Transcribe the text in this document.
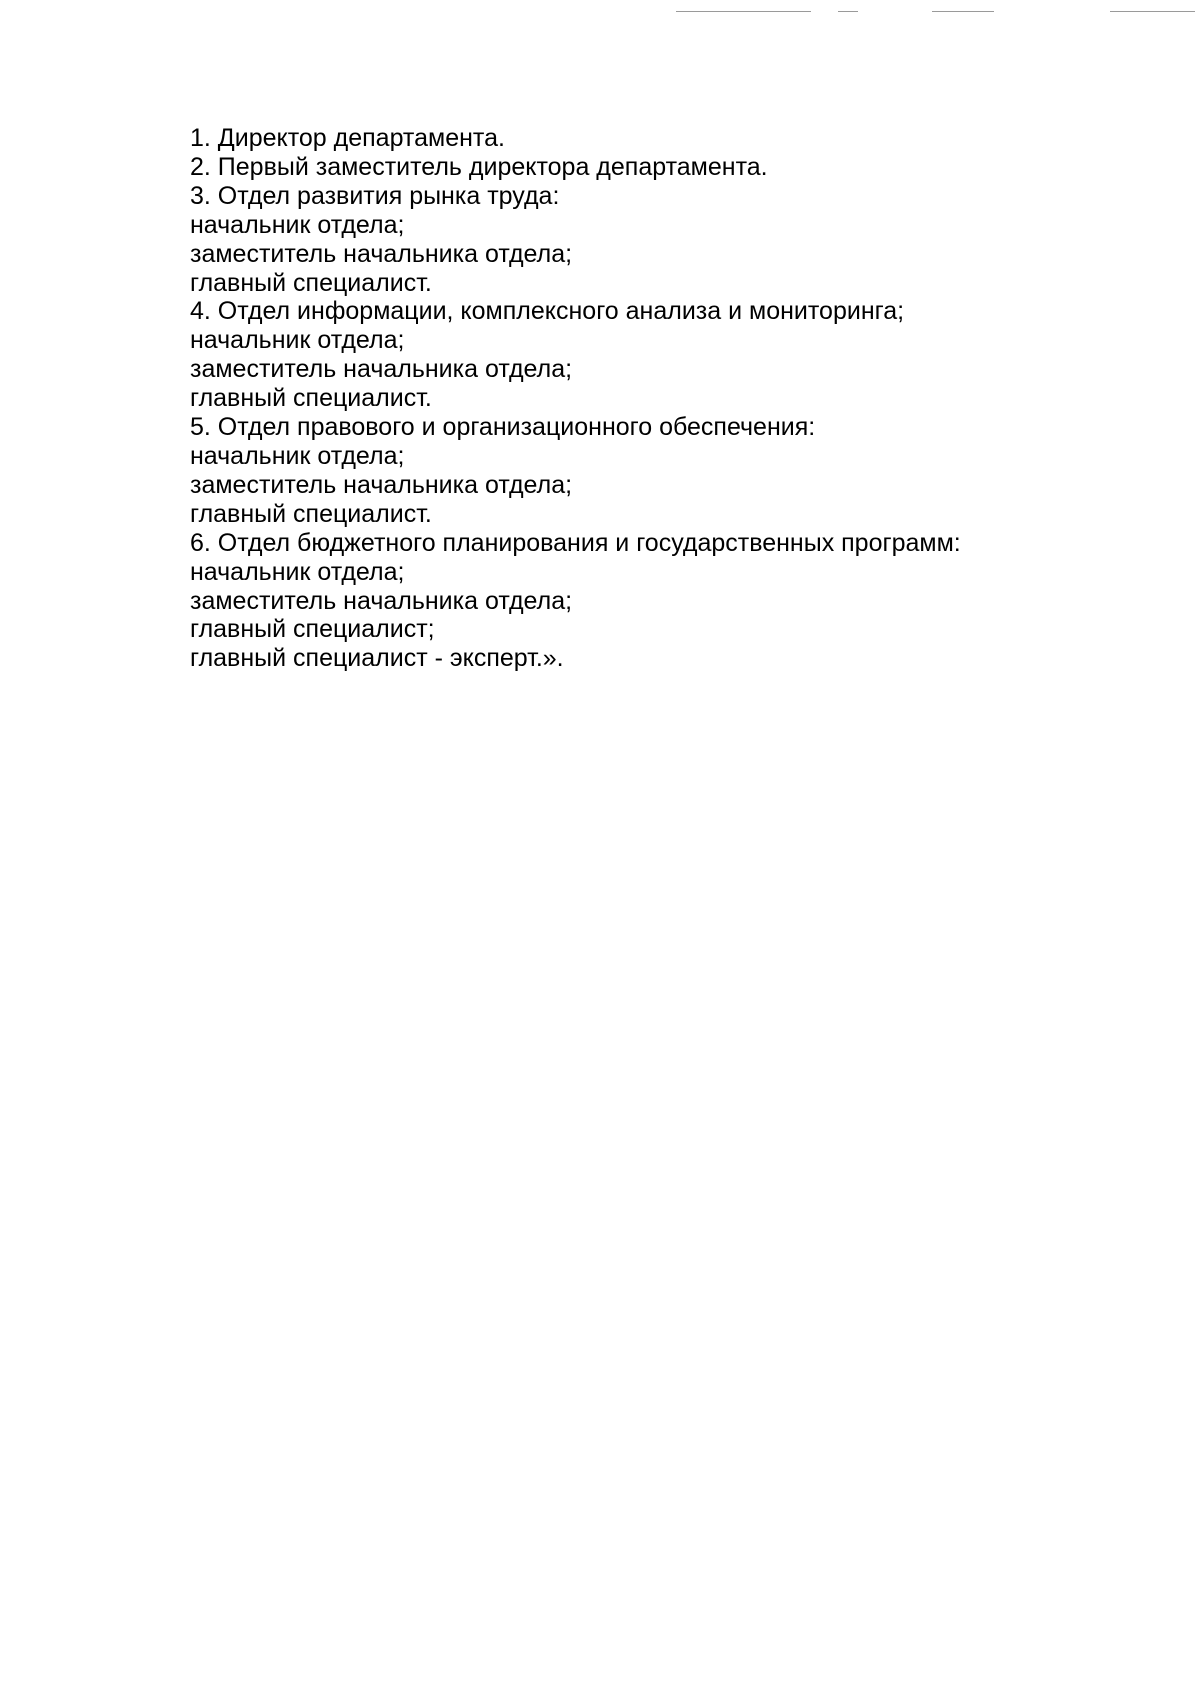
1. Директор департамента.

2. Первый заместитель директора департамента.

3. Отдел развития рынка труда:

начальник отдела;

заместитель начальника отдела;

главный специалист.

4. Отдел информации, комплексного анализа и мониторинга;

начальник отдела;

заместитель начальника отдела;

главный специалист.

5. Отдел правового и организационного обеспечения:

начальник отдела;

заместитель начальника отдела;

главный специалист.

6. Отдел бюджетного планирования и государственных программ:

начальник отдела;

заместитель начальника отдела;

главный специалист;

главный специалист - эксперт.».
